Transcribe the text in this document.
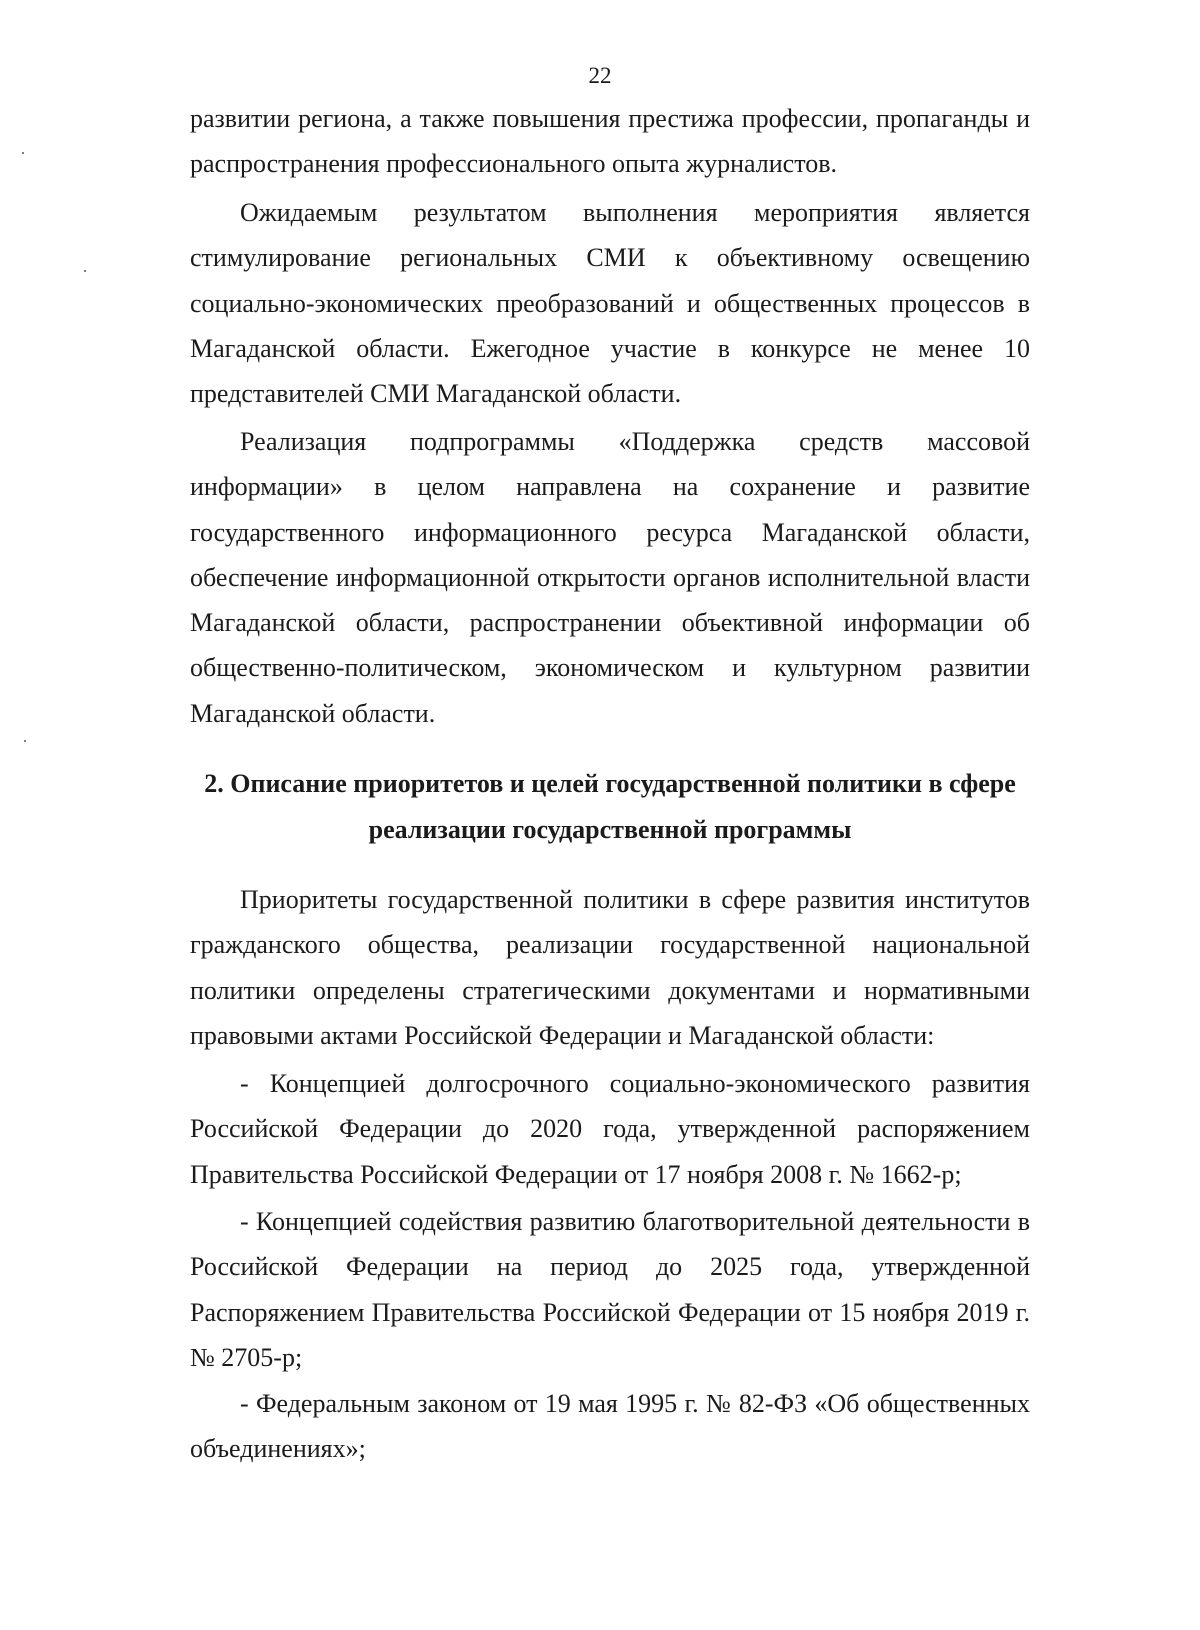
22

развитии региона, а также повышения престижа профессии, пропаганды и распространения профессионального опыта журналистов.

Ожидаемым результатом выполнения мероприятия является стимулирование региональных СМИ к объективному освещению социально-экономических преобразований и общественных процессов в Магаданской области. Ежегодное участие в конкурсе не менее 10 представителей СМИ Магаданской области.

Реализация подпрограммы «Поддержка средств массовой информации» в целом направлена на сохранение и развитие государственного информационного ресурса Магаданской области, обеспечение информационной открытости органов исполнительной власти Магаданской области, распространении объективной информации об общественно-политическом, экономическом и культурном развитии Магаданской области.

2. Описание приоритетов и целей государственной политики в сфере реализации государственной программы

Приоритеты государственной политики в сфере развития институтов гражданского общества, реализации государственной национальной политики определены стратегическими документами и нормативными правовыми актами Российской Федерации и Магаданской области:

- Концепцией долгосрочного социально-экономического развития Российской Федерации до 2020 года, утвержденной распоряжением Правительства Российской Федерации от 17 ноября 2008 г. № 1662-р;

- Концепцией содействия развитию благотворительной деятельности в Российской Федерации на период до 2025 года, утвержденной Распоряжением Правительства Российской Федерации от 15 ноября 2019 г. № 2705-р;

- Федеральным законом от 19 мая 1995 г. № 82-ФЗ «Об общественных объединениях»;
